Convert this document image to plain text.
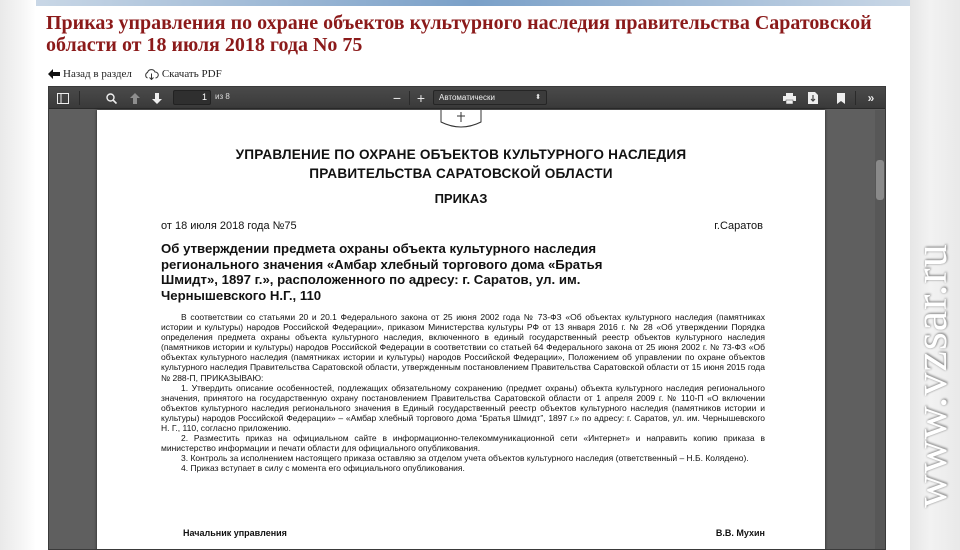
www.vzsar.ru
Приказ управления по охране объектов культурного наследия правительства Саратовской области от 18 июля 2018 года No 75
Назад в раздел	Скачать PDF
1	из 8	− +	Автоматически	⬍	»
УПРАВЛЕНИЕ ПО ОХРАНЕ ОБЪЕКТОВ КУЛЬТУРНОГО НАСЛЕДИЯ
ПРАВИТЕЛЬСТВА САРАТОВСКОЙ ОБЛАСТИ
ПРИКАЗ
от 18 июля 2018 года №75	г.Саратов
Об утверждении предмета охраны объекта культурного наследия регионального значения «Амбар хлебный торгового дома «Братья Шмидт», 1897 г.», расположенного по адресу: г. Саратов, ул. им. Чернышевского Н.Г., 110

В соответствии со статьями 20 и 20.1 Федерального закона от 25 июня 2002 года № 73-ФЗ «Об объектах культурного наследия (памятниках истории и культуры) народов Российской Федерации», приказом Министерства культуры РФ от 13 января 2016 г. № 28 «Об утверждении Порядка определения предмета охраны объекта культурного наследия, включенного в единый государственный реестр объектов культурного наследия (памятников истории и культуры) народов Российской Федерации в соответствии со статьей 64 Федерального закона от 25 июня 2002 г. № 73-ФЗ «Об объектах культурного наследия (памятниках истории и культуры) народов Российской Федерации», Положением об управлении по охране объектов культурного наследия Правительства Саратовской области, утвержденным постановлением Правительства Саратовской области от 15 июня 2015 года № 288-П, ПРИКАЗЫВАЮ:

1. Утвердить описание особенностей, подлежащих обязательному сохранению (предмет охраны) объекта культурного наследия регионального значения, принятого на государственную охрану постановлением Правительства Саратовской области от 1 апреля 2009 г. № 110-П «О включении объектов культурного наследия регионального значения в Единый государственный реестр объектов культурного наследия (памятников истории и культуры) народов Российской Федерации» – «Амбар хлебный торгового дома “Братья Шмидт”, 1897 г.» по адресу: г. Саратов, ул. им. Чернышевского Н. Г., 110, согласно приложению.

2. Разместить приказ на официальном сайте в информационно-телекоммуникационной сети «Интернет» и направить копию приказа в министерство информации и печати области для официального опубликования.

3. Контроль за исполнением настоящего приказа оставляю за отделом учета объектов культурного наследия (ответственный – Н.Б. Колядено).

4. Приказ вступает в силу с момента его официального опубликования.

Начальник управления	В.В. Мухин
